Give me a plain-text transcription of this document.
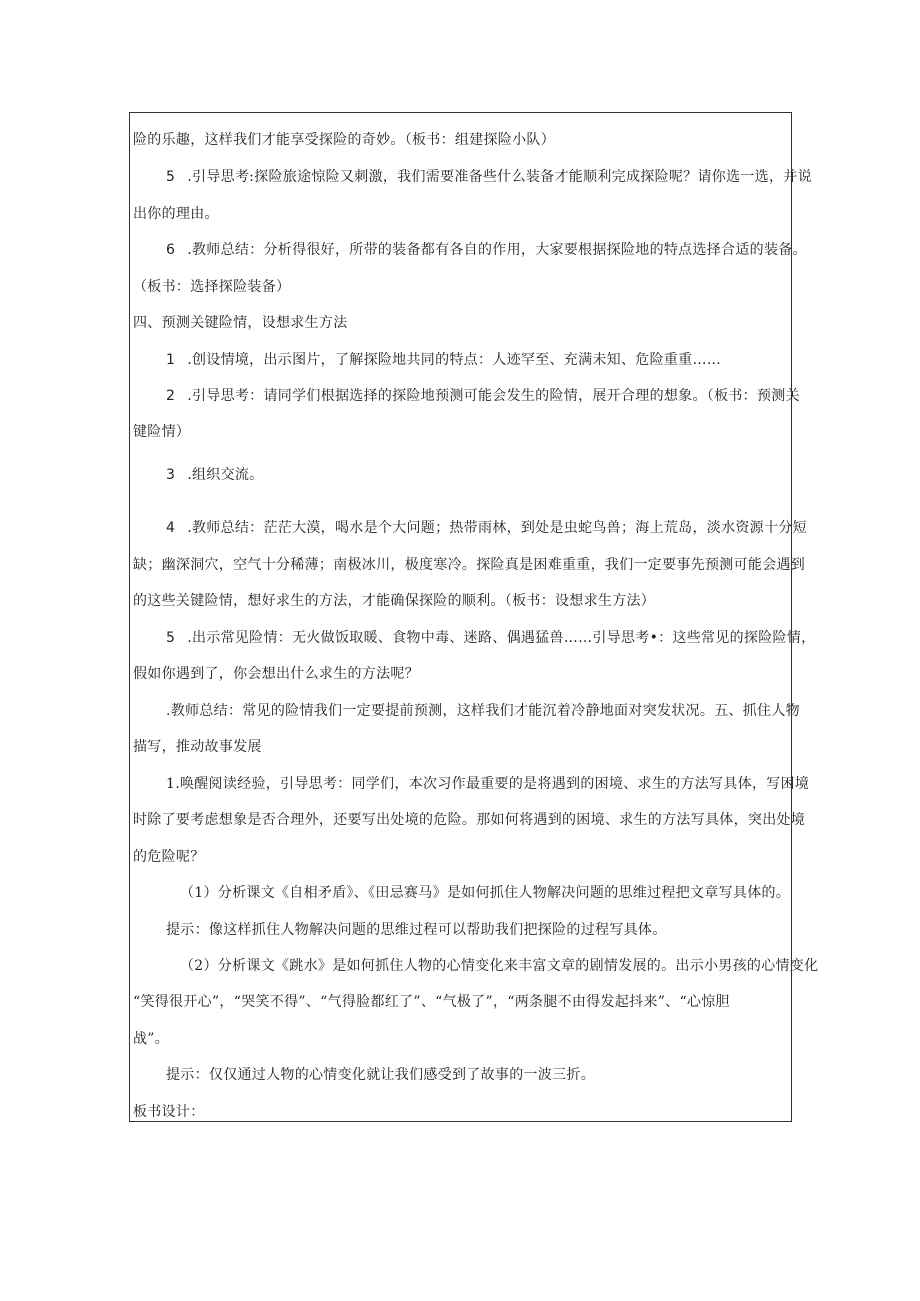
险的乐趣，这样我们才能享受探险的奇妙。（板书：组建探险小队）
5 .引导思考:探险旅途惊险又刺激，我们需要准备些什么装备才能顺利完成探险呢？请你选一选，并说
出你的理由。
6 .教师总结：分析得很好，所带的装备都有各自的作用，大家要根据探险地的特点选择合适的装备。
（板书：选择探险装备）
四、预测关键险情，设想求生方法
1 .创设情境，出示图片，了解探险地共同的特点：人迹罕至、充满未知、危险重重……
2 .引导思考：请同学们根据选择的探险地预测可能会发生的险情，展开合理的想象。（板书：预测关
键险情）
3 .组织交流。
4 .教师总结：茫茫大漠，喝水是个大问题；热带雨林，到处是虫蛇鸟兽；海上荒岛，淡水资源十分短
缺；幽深洞穴，空气十分稀薄；南极冰川，极度寒冷。探险真是困难重重，我们一定要事先预测可能会遇到
的这些关键险情，想好求生的方法，才能确保探险的顺利。（板书：设想求生方法）
5 .出示常见险情：无火做饭取暖、食物中毒、迷路、偶遇猛兽……引导思考•：这些常见的探险险情，
假如你遇到了，你会想出什么求生的方法呢？
.教师总结：常见的险情我们一定要提前预测，这样我们才能沉着冷静地面对突发状况。五、抓住人物
描写，推动故事发展
1.唤醒阅读经验，引导思考：同学们，本次习作最重要的是将遇到的困境、求生的方法写具体，写困境
时除了要考虑想象是否合理外，还要写出处境的危险。那如何将遇到的困境、求生的方法写具体，突出处境
的危险呢？
（1）分析课文《自相矛盾》、《田忌赛马》是如何抓住人物解决问题的思维过程把文章写具体的。
提示：像这样抓住人物解决问题的思维过程可以帮助我们把探险的过程写具体。
（2）分析课文《跳水》是如何抓住人物的心情变化来丰富文章的剧情发展的。出示小男孩的心情变化
“笑得很开心”，“哭笑不得”、“气得脸都红了”、“气极了”，“两条腿不由得发起抖来”、“心惊胆
战”。
提示：仅仅通过人物的心情变化就让我们感受到了故事的一波三折。
板书设计：
